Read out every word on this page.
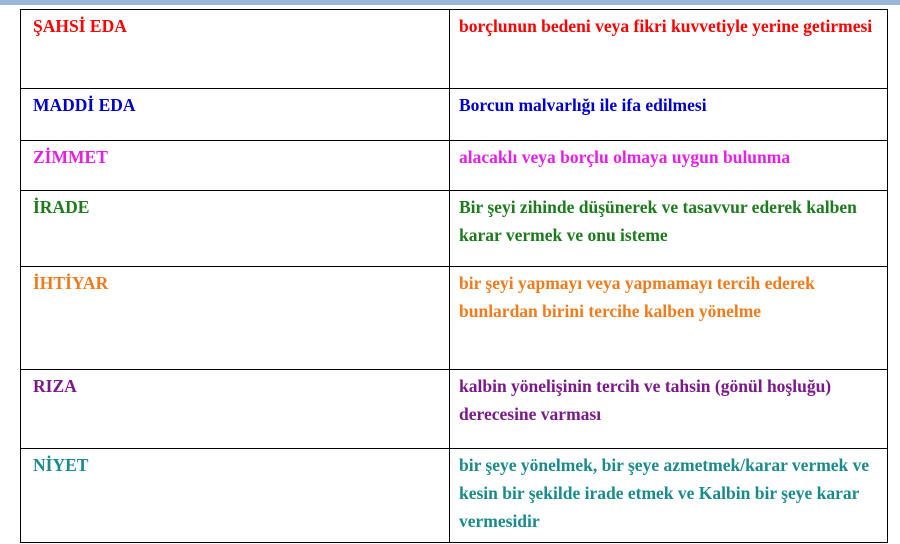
ŞAHSİ EDA	borçlunun bedeni veya fikri kuvvetiyle yerine getirmesi
MADDİ EDA	Borcun malvarlığı ile ifa edilmesi
ZİMMET	alacaklı veya borçlu olmaya uygun bulunma
İRADE	Bir şeyi zihinde düşünerek ve tasavvur ederek kalben karar vermek ve onu isteme
İHTİYAR	bir şeyi yapmayı veya yapmamayı tercih ederek bunlardan birini tercihe kalben yönelme
RIZA	kalbin yönelişinin tercih ve tahsin (gönül hoşluğu) derecesine varması
NİYET	bir şeye yönelmek, bir şeye azmetmek/karar vermek ve kesin bir şekilde irade etmek ve Kalbin bir şeye karar vermesidir
